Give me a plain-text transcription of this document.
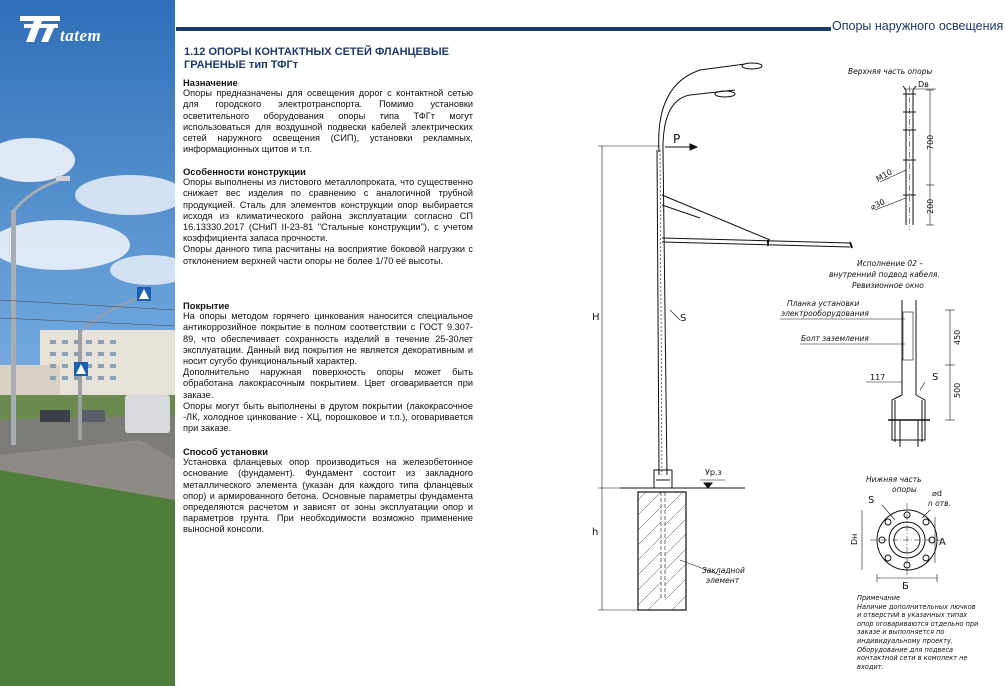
tatem	Опоры наружного освещения
1.12 ОПОРЫ КОНТАКТНЫХ СЕТЕЙ ФЛАНЦЕВЫЕ
ГРАНЕНЫЕ тип ТФГт
Назначение

Опоры предназначены для освещения дорог с контактной сетью для городского электротранспорта. Помимо установки осветительного оборудования опоры типа ТФГт могут использоваться для воздушной подвески кабелей электрических сетей наружного освещения (СИП), установки рекламных, информационных щитов и т.п.

Особенности конструкции

Опоры выполнены из листового металлопроката, что существенно снижает вес изделия по сравнению с аналогичной трубной продукцией. Сталь для элементов конструкции опор выбирается исходя из климатического района эксплуатации согласно СП 16.13330.2017 (СНиП II-23-81 "Стальные конструкции"), с учетом коэффициента запаса прочности.

Опоры данного типа расчитаны на восприятие боковой нагрузки с отклонением верхней части опоры не более 1/70 её высоты.

Покрытие

На опоры методом горячего цинкования наносится специальное антикоррозийное покрытие в полном соответствии с ГОСТ 9.307-89, что обеспечивает сохранность изделий в течение 25-30лет эксплуатации. Данный вид покрытия не является декоративным и носит сугубо функциональный характер.

Дополнительно наружная поверхность опоры может быть обработана лакокрасочным покрытием. Цвет оговаривается при заказе.

Опоры могут быть выполнены в другом покрытии (лакокрасочное -ЛК, холодное цинкование - ХЦ, порошковое и т.п.), оговаривается при заказе.

Способ установки

Установка фланцевых опор производиться на железобетонное основание (фундамент). Фундамент состоит из закладного металлического элемента (указан для каждого типа фланцевых опор) и армированного бетона. Основные параметры фундамента определяются расчетом и зависят от зоны эксплуатации опор и параметров грунта. При необходимости возможно применение выносной консоли.

P
H	S
h
Ур.з
Закладной
элемент
Верхняя часть опоры
Dв
700
200
М10
⌀30
Исполнение 02 –
внутренний подвод кабеля.
Ревизионное окно
Планка установки
электрооборудования
Болт заземления	450
500
117	S
Нижняя часть
опоры
S
⌀d
n отв.
Dн	А
Б
Примечание
Наличие дополнительных лючков
и отверстий в указанных типах
опор оговариваются отдельно при
заказе и выполняется по
индивидуальному проекту.
Оборудование для подвеса
контактной сети в комплект не
входит.
